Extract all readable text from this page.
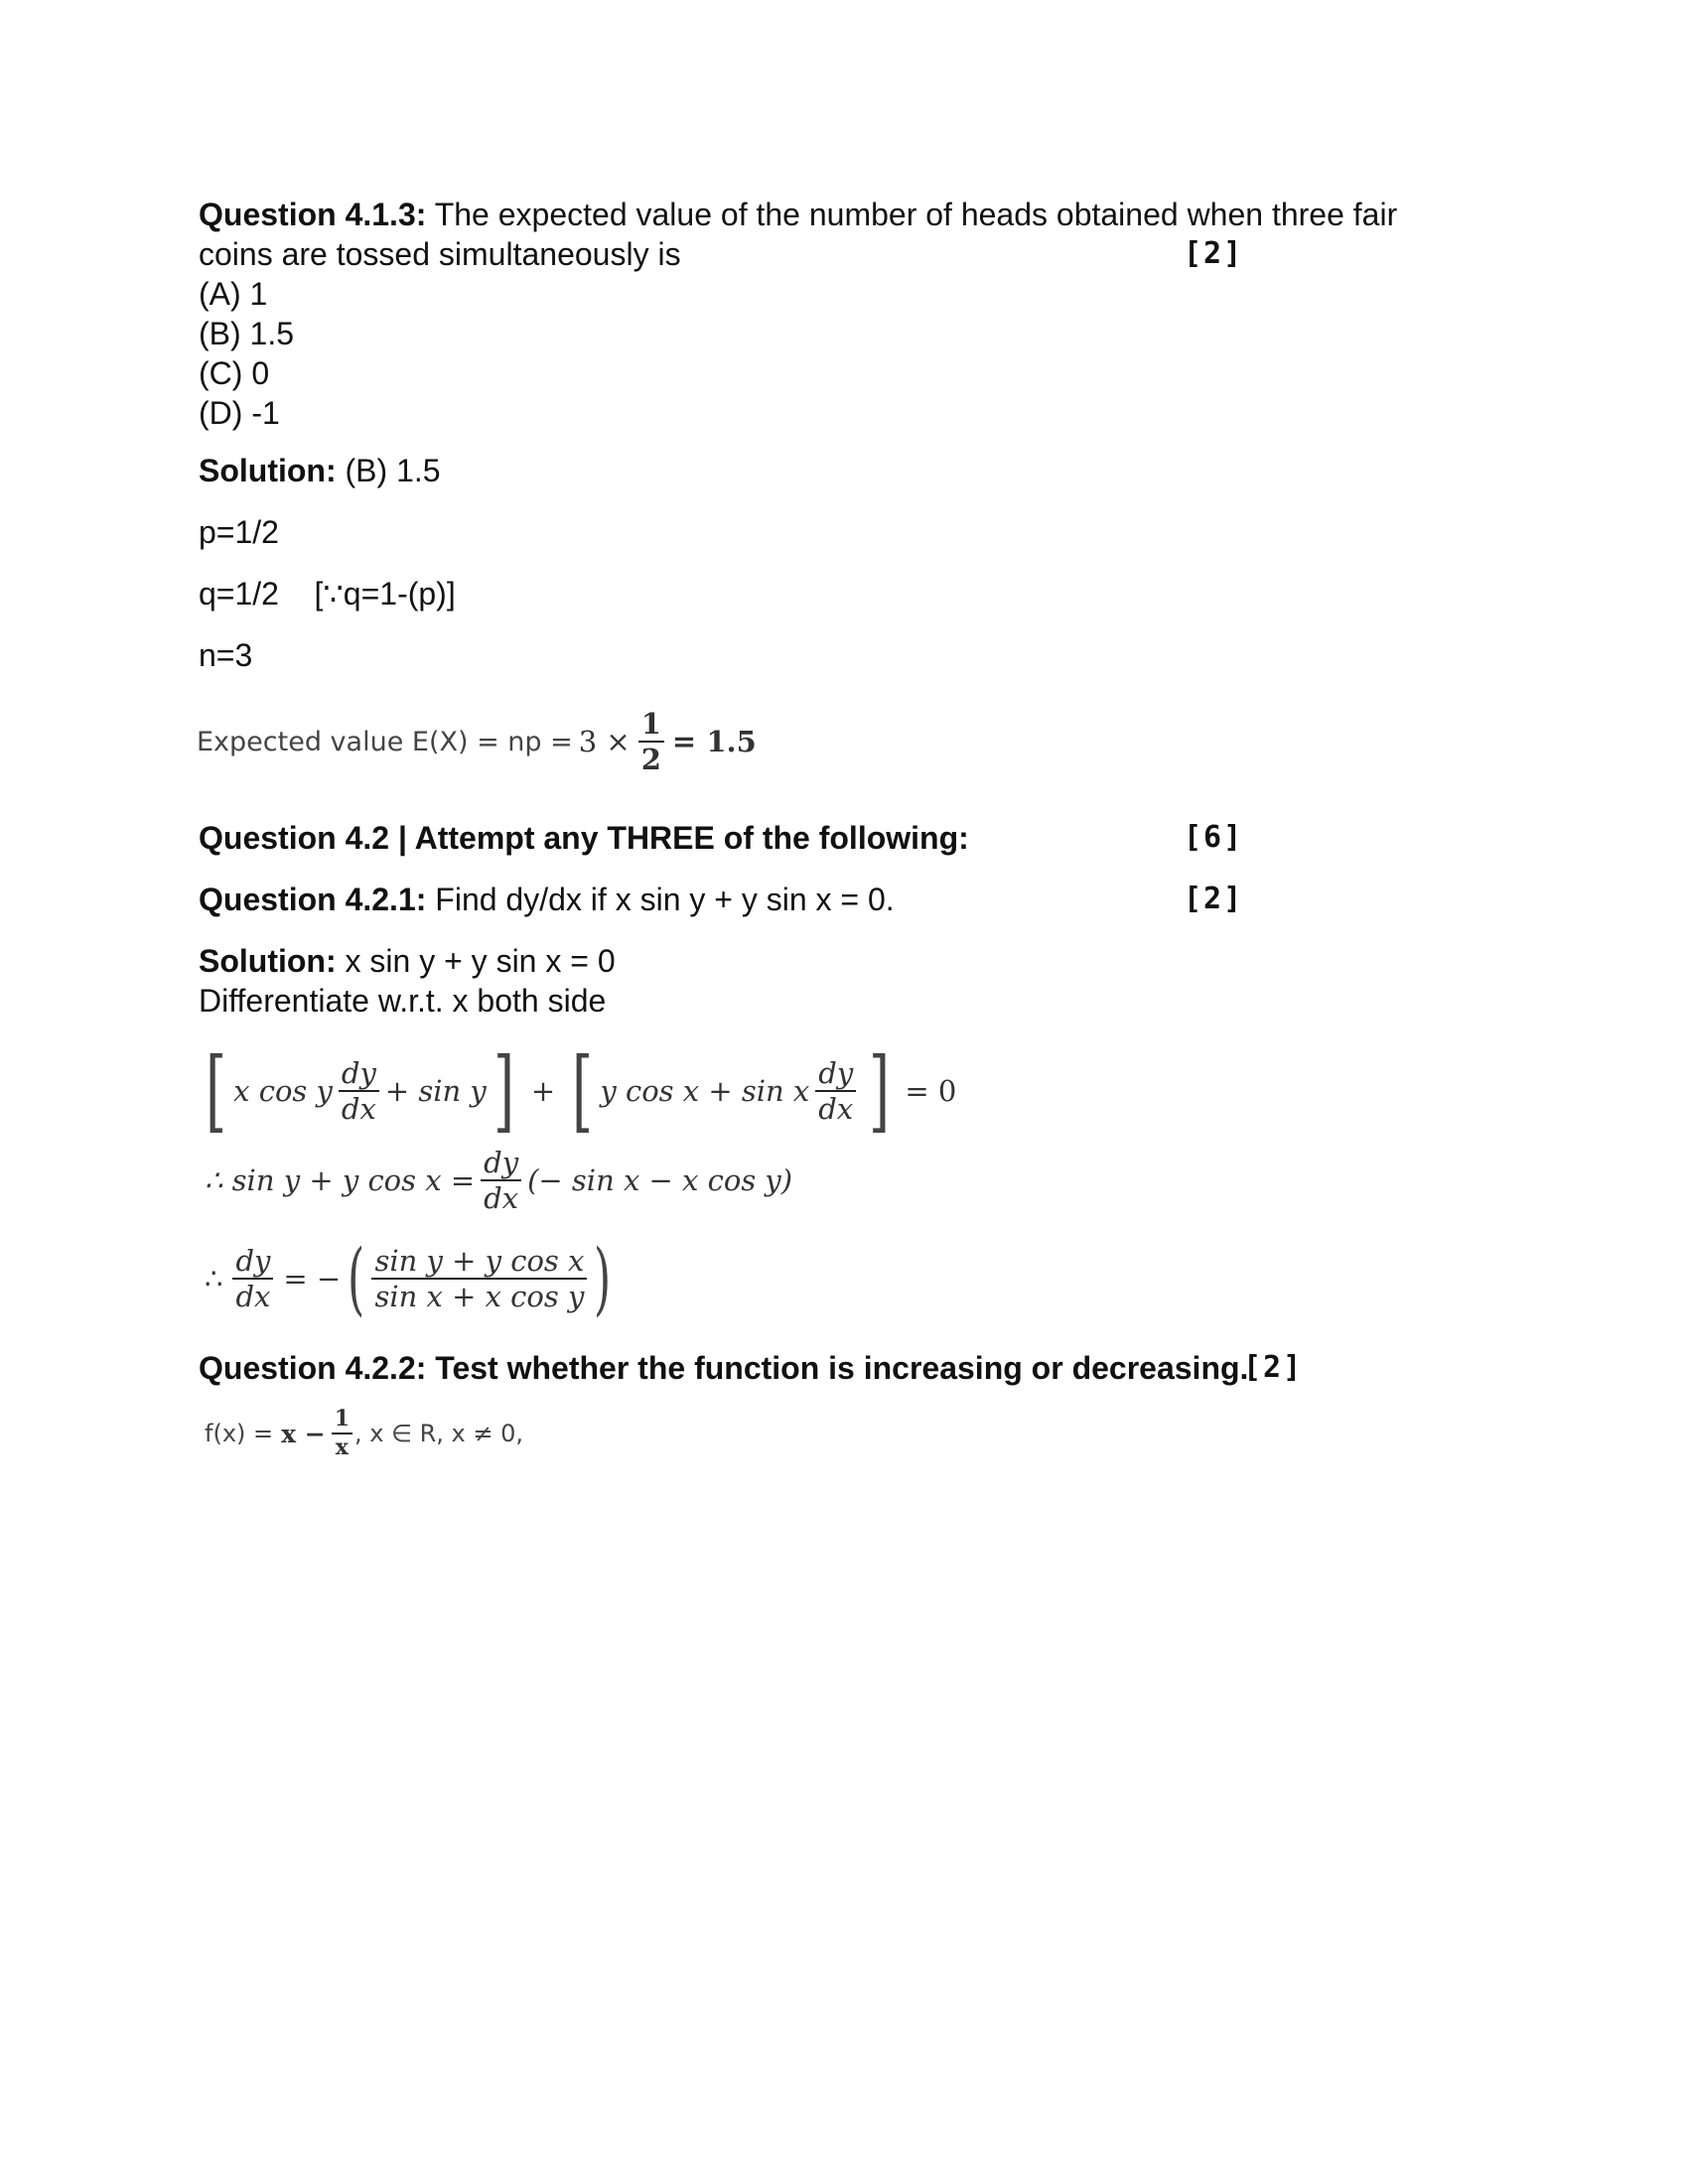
Question 4.1.3: The expected value of the number of heads obtained when three fair
coins are tossed simultaneously is	[2]
(A) 1
(B) 1.5
(C) 0
(D) -1
Solution: (B) 1.5
p=1/2
q=1/2    [∵q=1-(p)]
n=3
Expected value E(X) = np = $3 \times \frac{1}{2} = 1.5$
Question 4.2 | Attempt any THREE of the following:	[6]
Question 4.2.1: Find dy/dx if x sin y + y sin x = 0.	[2]
Solution: x sin y + y sin x = 0
Differentiate w.r.t. x both side
[ x cos y $\frac{dy}{dx} + \sin y$ ] + [ y cos x + sin x $\frac{dy}{dx}$ ] = 0
∴ sin y + y $\cos x = \frac{dy}{dx}$ (− sin x − x cos y)
∴ $\frac{dy}{dx}$ = − ( $\frac{\text{sin y + y cos x}}{\text{sin x + x cos y}}$ )
Question 4.2.2: Test whether the function is increasing or decreasing.
[2]
$f(x) = x - \frac{1}{x}$ , x ∈ R, x ≠ 0,
